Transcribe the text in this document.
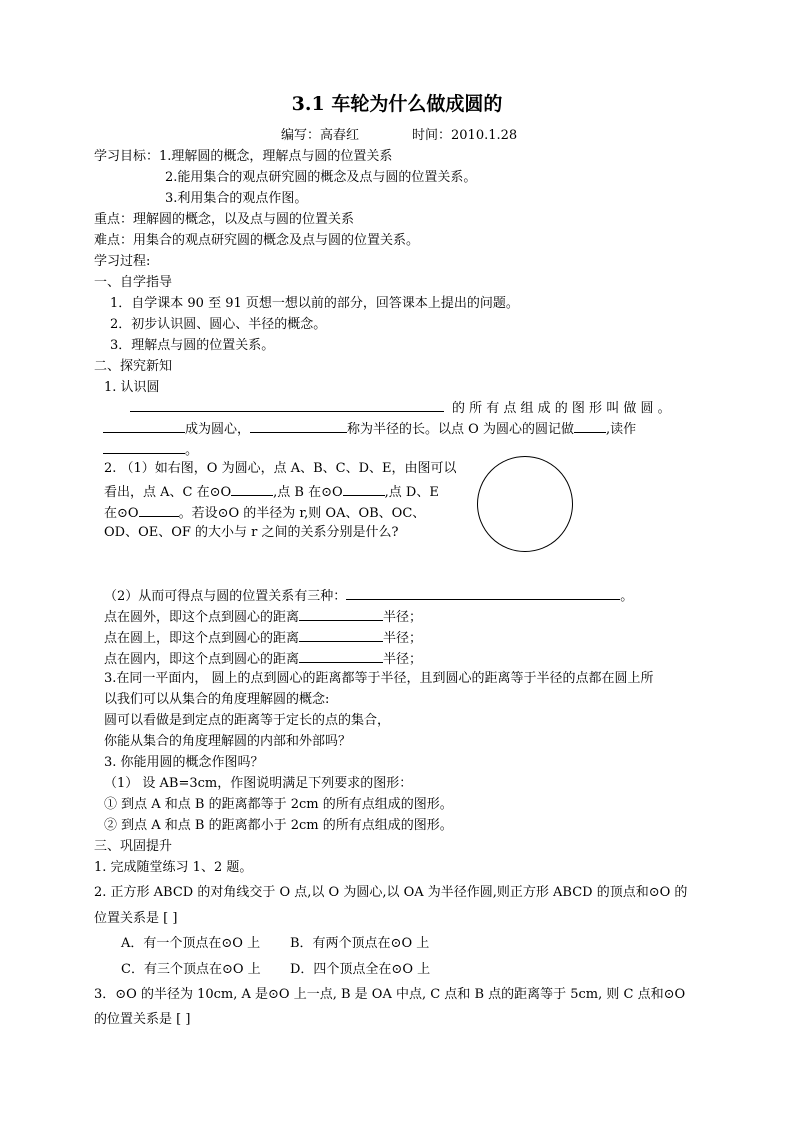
3.1 车轮为什么做成圆的
编写：高春红	时间：2010.1.28
学习目标：1.理解圆的概念，理解点与圆的位置关系
2.能用集合的观点研究圆的概念及点与圆的位置关系。
3.利用集合的观点作图。
重点：理解圆的概念，以及点与圆的位置关系
难点：用集合的观点研究圆的概念及点与圆的位置关系。
学习过程:
一、自学指导
1．自学课本 90 至 91 页想一想以前的部分，回答课本上提出的问题。
2．初步认识圆、圆心、半径的概念。
3．理解点与圆的位置关系。
二、探究新知
1. 认识圆
的 所 有 点 组 成 的 图 形 叫 做 圆 。
成为圆心，	称为半径的长。以点 O 为圆心的圆记做 ,读作
。
2. （1）如右图，O 为圆心，点 A、B、C、D、E，由图可以
看出，点 A、C 在⊙O	,点 B 在⊙O	,点 D、E
在⊙O	。若设⊙O 的半径为 r,则 OA、OB、OC、
OD、OE、OF 的大小与 r 之间的关系分别是什么?
（2）从而可得点与圆的位置关系有三种：	。
点在圆外，即这个点到圆心的距离	半径；
点在圆上，即这个点到圆心的距离	半径；
点在圆内，即这个点到圆心的距离	半径；
3.在同一平面内， 圆上的点到圆心的距离都等于半径，且到圆心的距离等于半径的点都在圆上所
以我们可以从集合的角度理解圆的概念:
圆可以看做是到定点的距离等于定长的点的集合，
你能从集合的角度理解圆的内部和外部吗？
3. 你能用圆的概念作图吗？
（1） 设 AB=3cm，作图说明满足下列要求的图形：
① 到点 A 和点 B 的距离都等于 2cm 的所有点组成的图形。
② 到点 A 和点 B 的距离都小于 2cm 的所有点组成的图形。
三、巩固提升
1. 完成随堂练习 1、2 题。
2. 正方形 ABCD 的对角线交于 O 点,以 O 为圆心,以 OA 为半径作圆,则正方形 ABCD 的顶点和⊙O 的
位置关系是 [ ]
A．有一个顶点在⊙O 上 B．有两个顶点在⊙O 上
C．有三个顶点在⊙O 上 D．四个顶点全在⊙O 上
3．⊙O 的半径为 10cm, A 是⊙O 上一点, B 是 OA 中点, C 点和 B 点的距离等于 5cm, 则 C 点和⊙O
的位置关系是 [ ]
